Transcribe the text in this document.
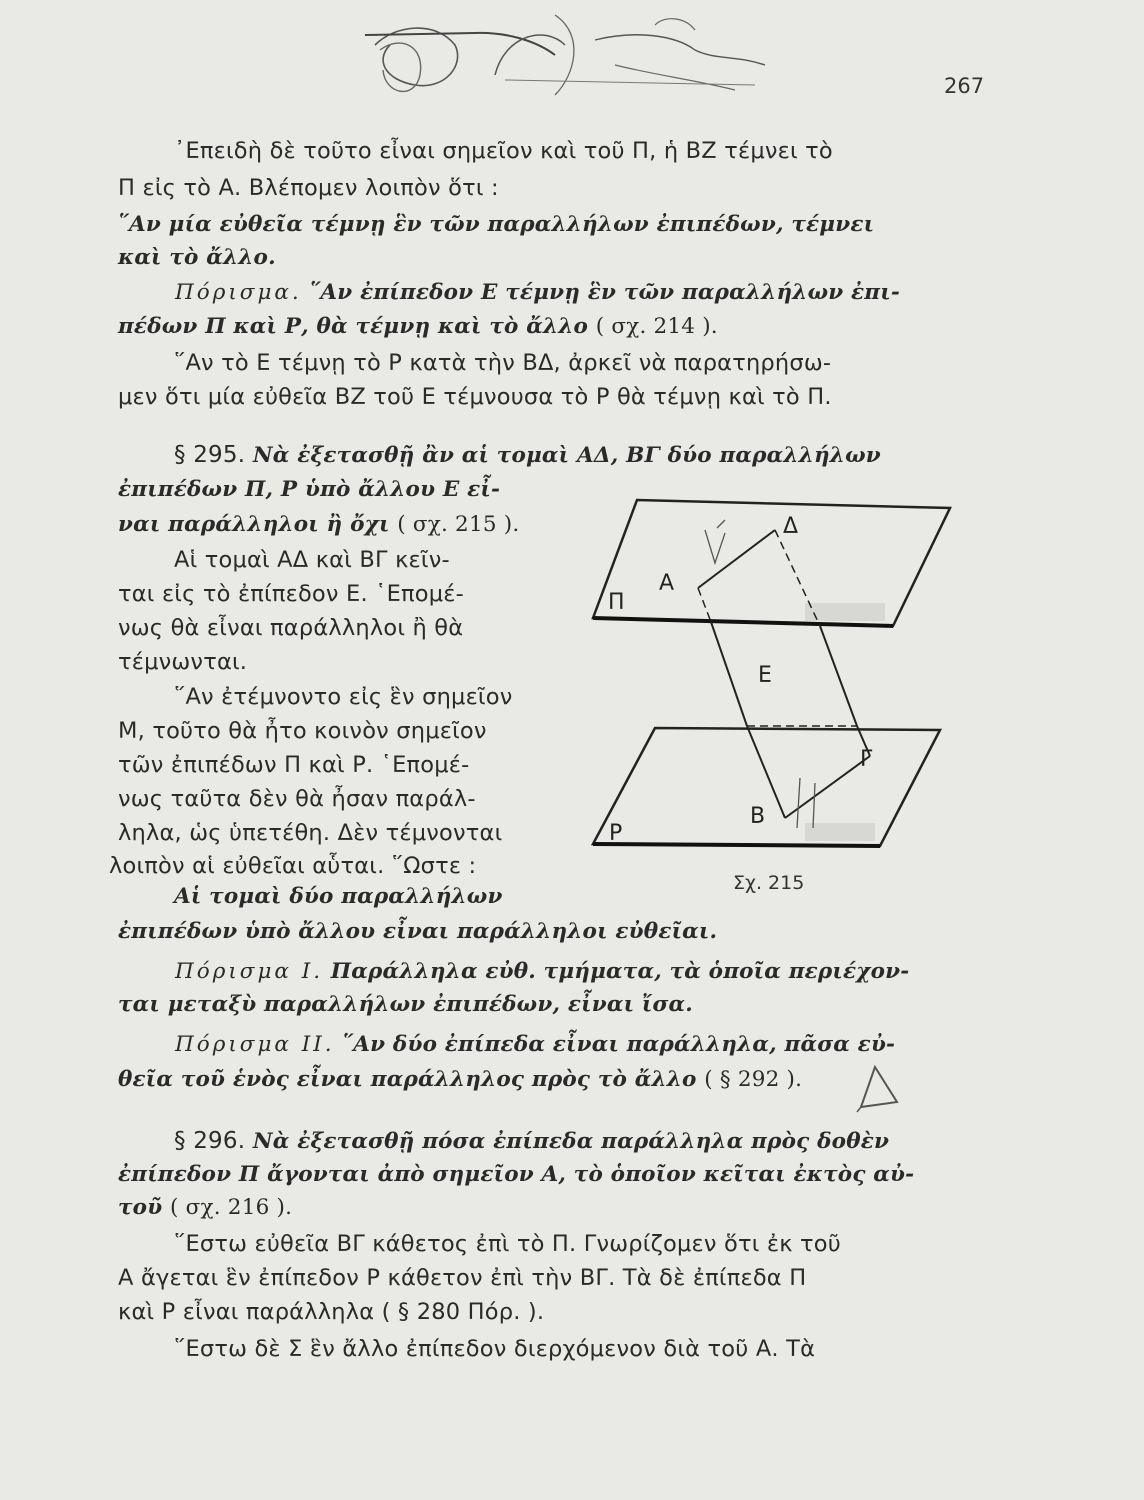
267
᾿Επειδὴ δὲ τοῦτο εἶναι σημεῖον καὶ τοῦ Π, ἡ ΒΖ τέμνει τὸ
Π εἰς τὸ Α. Βλέπομεν λοιπὸν ὅτι :
῞Αν μία εὐθεῖα τέμνῃ ἓν τῶν παραλλήλων ἐπιπέδων, τέμνει
καὶ τὸ ἄλλο.
Πόρισμα. ῞Αν ἐπίπεδον Ε τέμνῃ ἓν τῶν παραλλήλων ἐπι-
πέδων Π καὶ Ρ, θὰ τέμνῃ καὶ τὸ ἄλλο ( σχ. 214 ).
῞Αν τὸ Ε τέμνῃ τὸ Ρ κατὰ τὴν ΒΔ, ἀρκεῖ νὰ παρατηρήσω-
μεν ὅτι μία εὐθεῖα ΒΖ τοῦ Ε τέμνουσα τὸ Ρ θὰ τέμνῃ καὶ τὸ Π.
§ 295. Νὰ ἐξετασθῇ ἂν αἱ τομαὶ ΑΔ, ΒΓ δύο παραλλήλων
ἐπιπέδων Π, Ρ ὑπὸ ἄλλου Ε εἶ-
ναι παράλληλοι ἢ ὄχι ( σχ. 215 ).
Αἱ τομαὶ ΑΔ καὶ ΒΓ κεῖν-
ται εἰς τὸ ἐπίπεδον Ε. ῾Επομέ-
νως θὰ εἶναι παράλληλοι ἢ θὰ
τέμνωνται.
῞Αν ἐτέμνοντο εἰς ἓν σημεῖον
Μ, τοῦτο θὰ ἦτο κοινὸν σημεῖον
τῶν ἐπιπέδων Π καὶ Ρ. ῾Επομέ-
νως ταῦτα δὲν θὰ ἦσαν παράλ-
ληλα, ὡς ὑπετέθη. Δὲν τέμνονται
λοιπὸν αἱ εὐθεῖαι αὗται. ῞Ωστε :
Αἱ τομαὶ δύο παραλλήλων
ἐπιπέδων ὑπὸ ἄλλου εἶναι παράλληλοι εὐθεῖαι.
Πόρισμα Ι. Παράλληλα εὐθ. τμήματα, τὰ ὁποῖα περιέχον-
ται μεταξὺ παραλλήλων ἐπιπέδων, εἶναι ἴσα.
Πόρισμα ΙΙ. ῞Αν δύο ἐπίπεδα εἶναι παράλληλα, πᾶσα εὐ-
θεῖα τοῦ ἑνὸς εἶναι παράλληλος πρὸς τὸ ἄλλο ( § 292 ).
§ 296. Νὰ ἐξετασθῇ πόσα ἐπίπεδα παράλληλα πρὸς δοθὲν
ἐπίπεδον Π ἄγονται ἀπὸ σημεῖον Α, τὸ ὁποῖον κεῖται ἐκτὸς αὐ-
τοῦ ( σχ. 216 ).
῞Εστω εὐθεῖα ΒΓ κάθετος ἐπὶ τὸ Π. Γνωρίζομεν ὅτι ἐκ τοῦ
Α ἄγεται ἓν ἐπίπεδον Ρ κάθετον ἐπὶ τὴν ΒΓ. Τὰ δὲ ἐπίπεδα Π
καὶ Ρ εἶναι παράλληλα ( § 280 Πόρ. ).
῞Εστω δὲ Σ ἓν ἄλλο ἐπίπεδον διερχόμενον διὰ τοῦ Α. Τὰ
Δ
Α
Π
Ε
Γ
Β
Ρ
Σχ. 215
